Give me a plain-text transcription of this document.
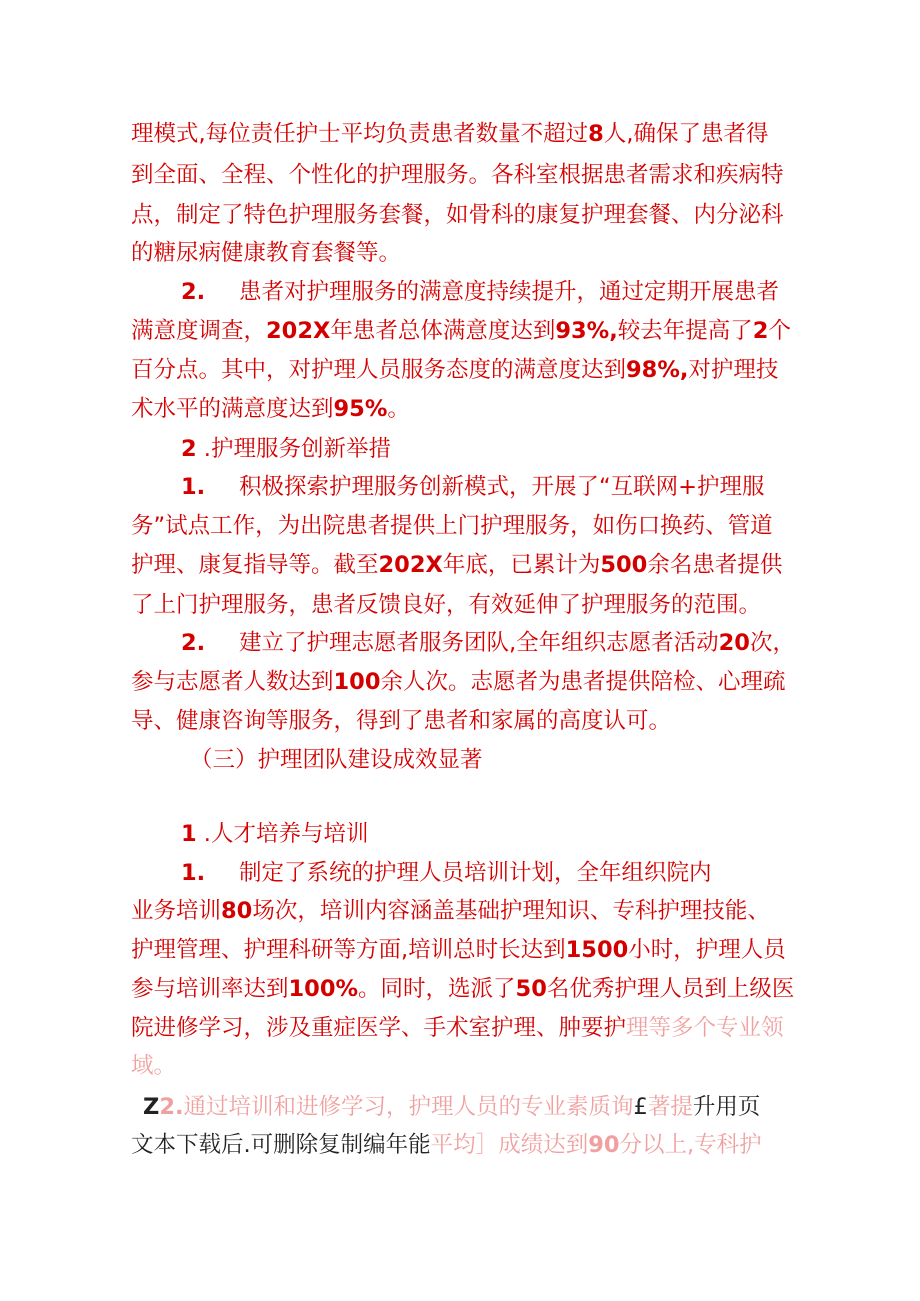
理模式,每位责任护士平均负责患者数量不超过8人,确保了患者得
到全面、全程、个性化的护理服务。各科室根据患者需求和疾病特
点，制定了特色护理服务套餐，如骨科的康复护理套餐、内分泌科
的糖尿病健康教育套餐等。
2. 患者对护理服务的满意度持续提升，通过定期开展患者
满意度调查，202X年患者总体满意度达到93%,较去年提高了2个
百分点。其中，对护理人员服务态度的满意度达到98%,对护理技
术水平的满意度达到95%。
2 .护理服务创新举措
1. 积极探索护理服务创新模式，开展了“互联网+护理服
务”试点工作，为出院患者提供上门护理服务，如伤口换药、管道
护理、康复指导等。截至202X年底，已累计为500余名患者提供
了上门护理服务，患者反馈良好，有效延伸了护理服务的范围。
2. 建立了护理志愿者服务团队,全年组织志愿者活动20次，
参与志愿者人数达到100余人次。志愿者为患者提供陪检、心理疏
导、健康咨询等服务，得到了患者和家属的高度认可。
（三）护理团队建设成效显著
1 .人才培养与培训
1. 制定了系统的护理人员培训计划，全年组织院内
业务培训80场次，培训内容涵盖基础护理知识、专科护理技能、
护理管理、护理科研等方面,培训总时长达到1500小时，护理人员
参与培训率达到100%。同时，选派了50名优秀护理人员到上级医
院进修学习，涉及重症医学、手术室护理、肿要护理等多个专业领
域。
Z2.通过培训和进修学习，护理人员的专业素质询£著提升用页
文本下载后.可删除复制编年能平均］成绩达到90分以上,专科护
